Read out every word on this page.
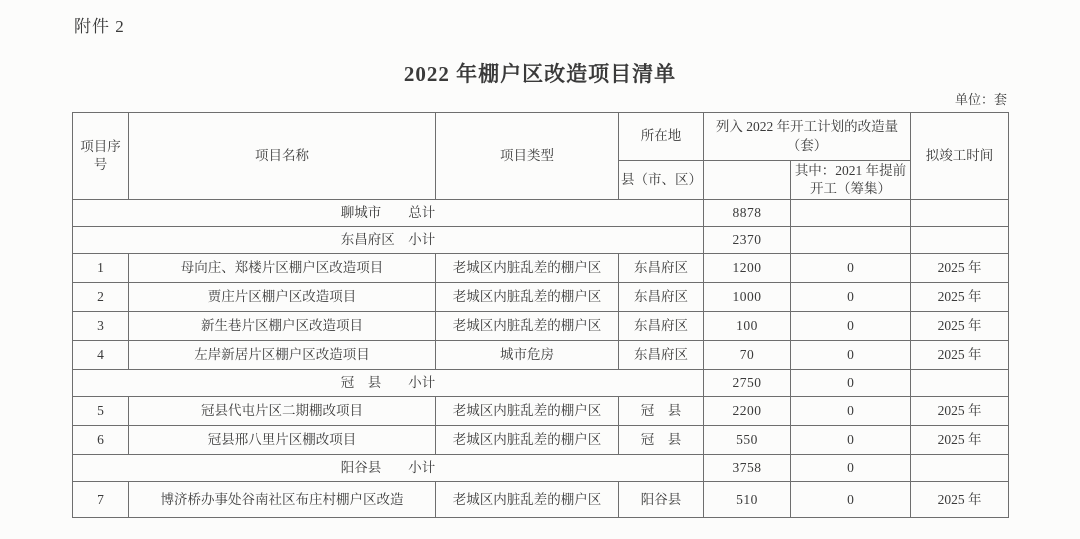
附件 2
2022 年棚户区改造项目清单
单位：套
项目序号	项目名称	项目类型	所在地	列入 2022 年开工计划的改造量（套）		拟竣工时间
			县（市、区）		其中：2021 年提前开工（筹集）	
聊城市　　总计				8878		
东昌府区　小计				2370		
1	母向庄、郑楼片区棚户区改造项目	老城区内脏乱差的棚户区	东昌府区	1200	0	2025 年
2	贾庄片区棚户区改造项目	老城区内脏乱差的棚户区	东昌府区	1000	0	2025 年
3	新生巷片区棚户区改造项目	老城区内脏乱差的棚户区	东昌府区	100	0	2025 年
4	左岸新居片区棚户区改造项目	城市危房	东昌府区	70	0	2025 年
冠　县　　小计				2750	0	
5	冠县代屯片区二期棚改项目	老城区内脏乱差的棚户区	冠　县	2200	0	2025 年
6	冠县邢八里片区棚改项目	老城区内脏乱差的棚户区	冠　县	550	0	2025 年
阳谷县　　小计				3758	0	
7	博济桥办事处谷南社区布庄村棚户区改造	老城区内脏乱差的棚户区	阳谷县	510	0	2025 年
